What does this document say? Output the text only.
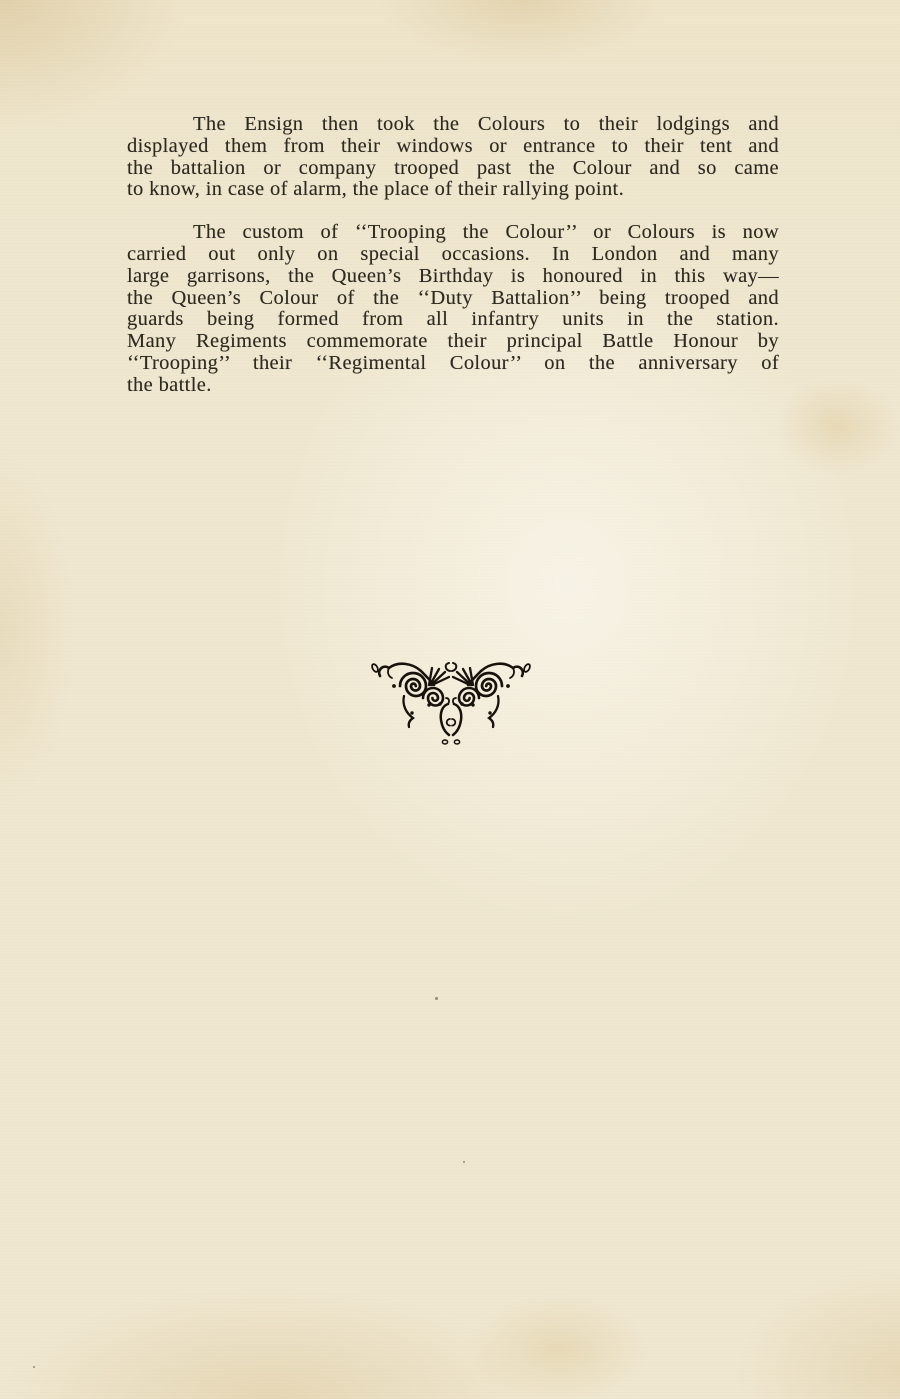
The Ensign then took the Colours to their lodgings and
displayed them from their windows or entrance to their tent and
the battalion or company trooped past the Colour and so came
to know, in case of alarm, the place of their rallying point.
The custom of ‘‘Trooping the Colour’’ or Colours is now
carried out only on special occasions. In London and many
large garrisons, the Queen’s Birthday is honoured in this way—
the Queen’s Colour of the ‘‘Duty Battalion’’ being trooped and
guards being formed from all infantry units in the station.
Many Regiments commemorate their principal Battle Honour by
‘‘Trooping’’ their ‘‘Regimental Colour’’ on the anniversary of
the battle.
